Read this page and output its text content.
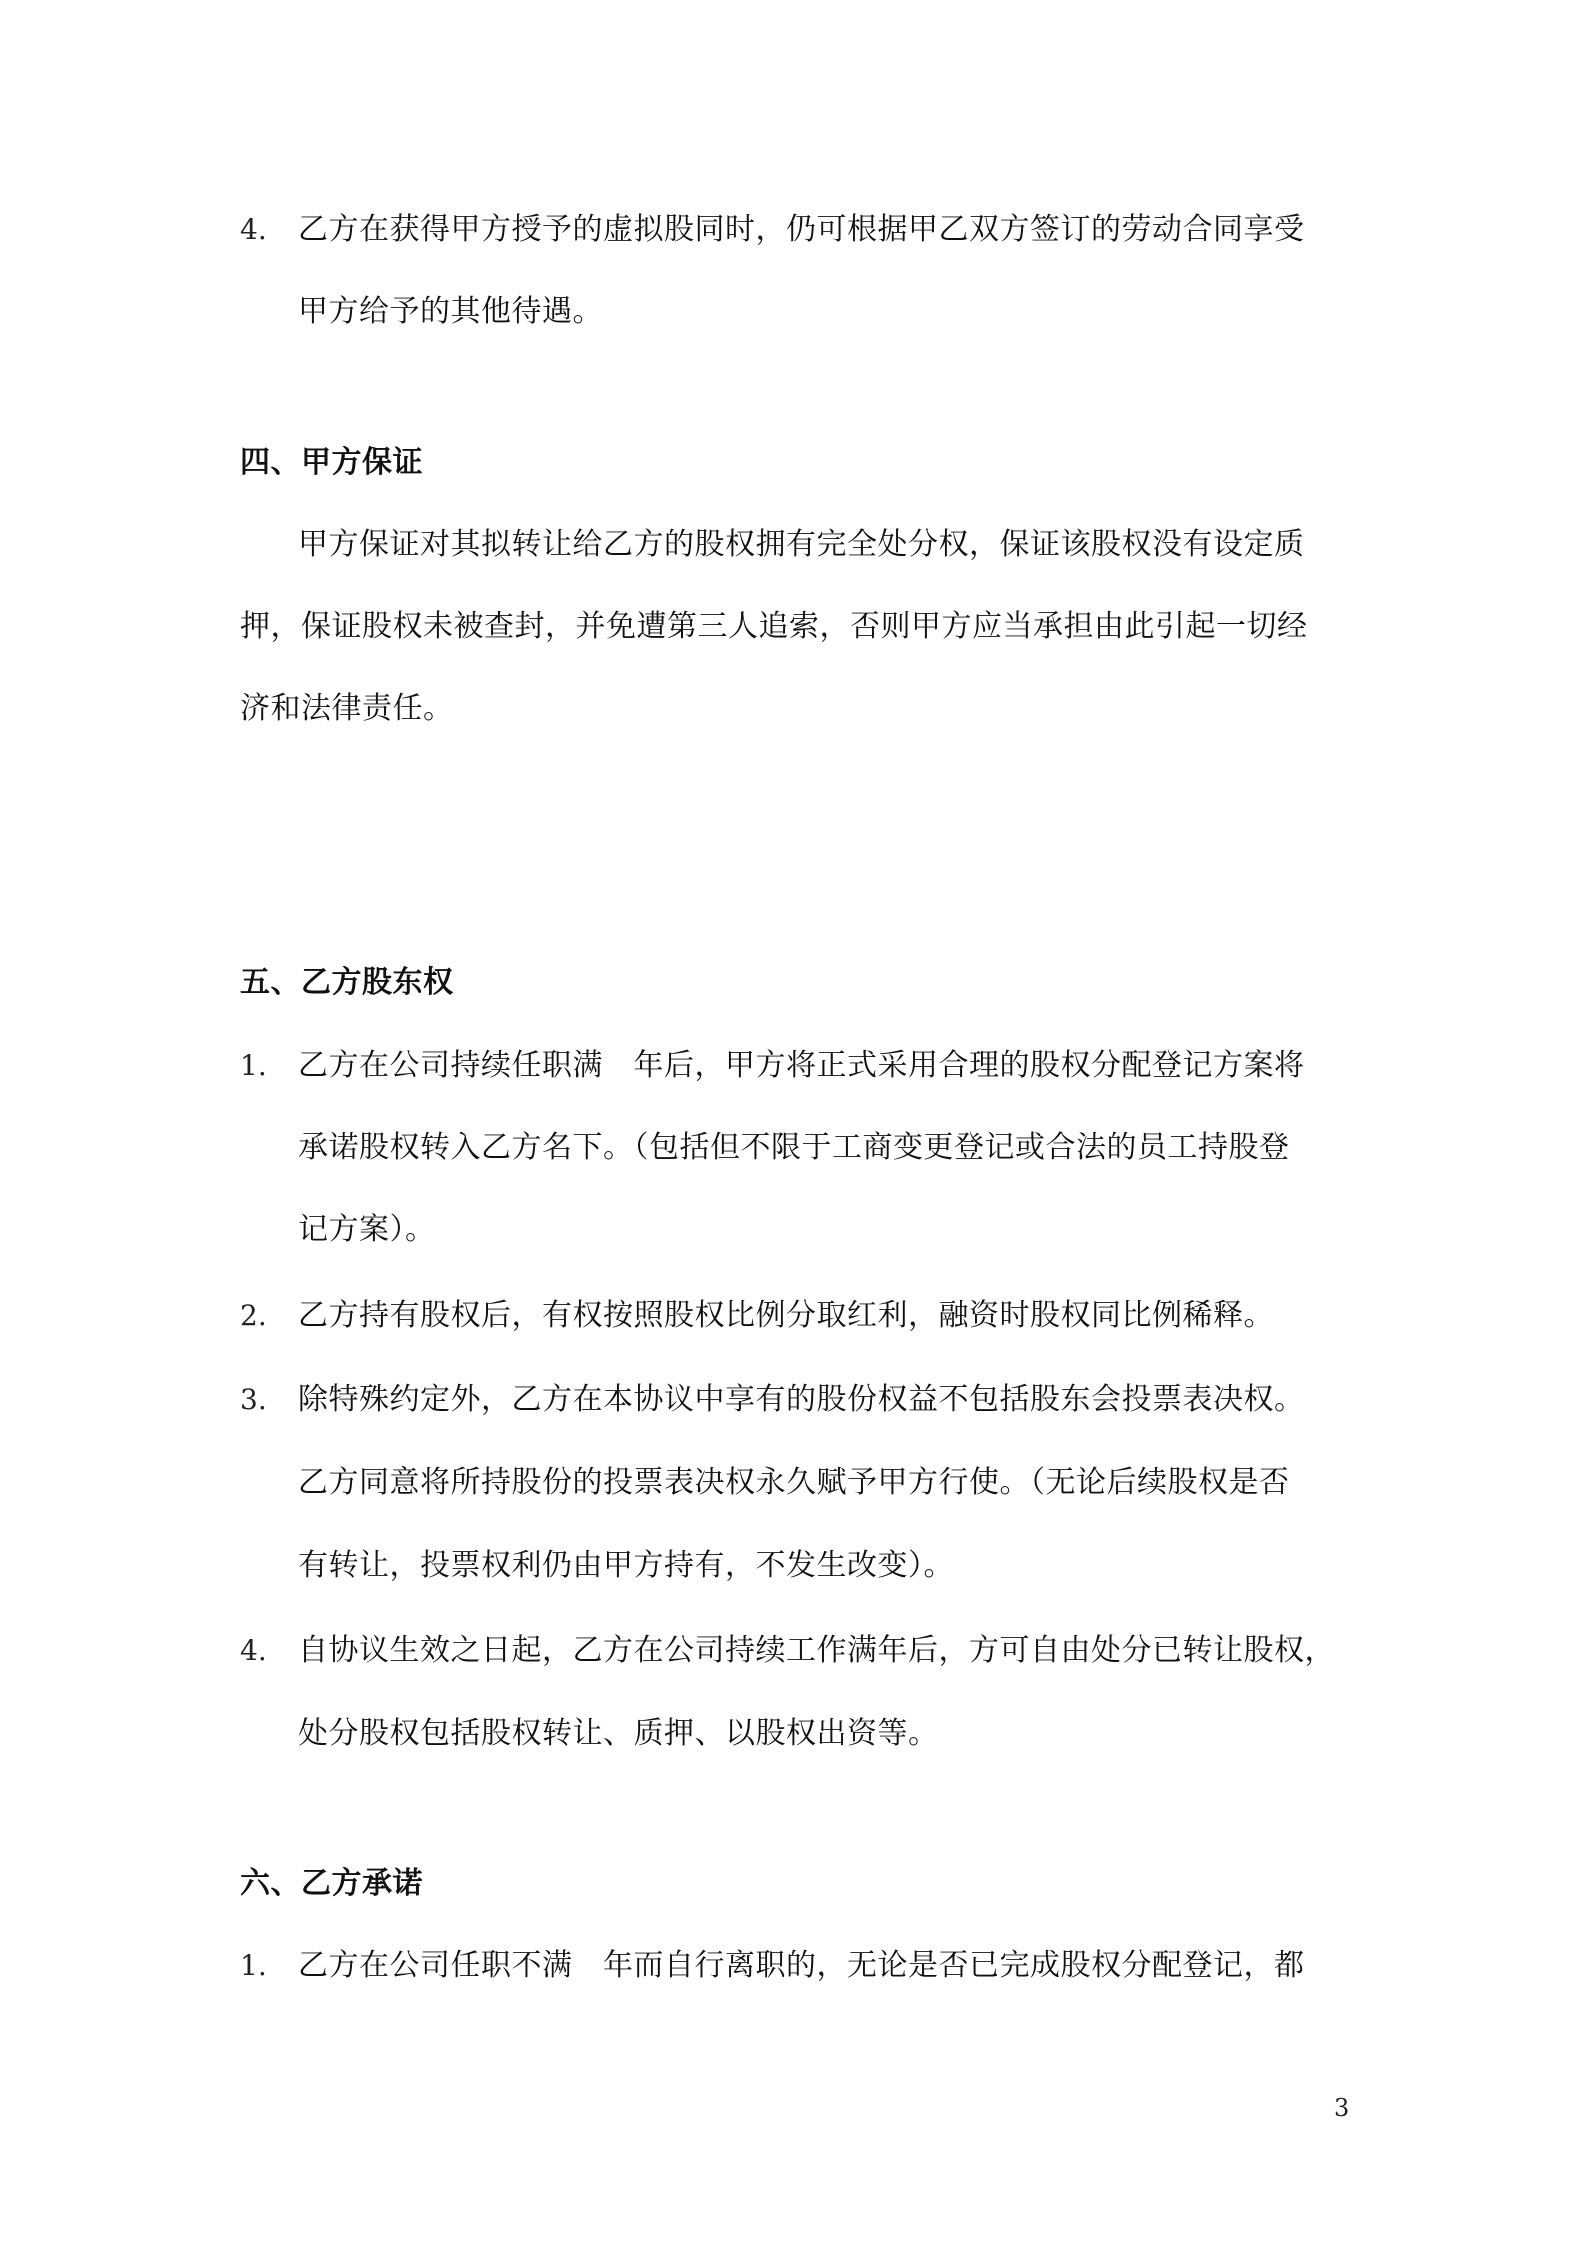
4. 乙方在获得甲方授予的虚拟股同时，仍可根据甲乙双方签订的劳动合同享受
甲方给予的其他待遇。
四、甲方保证
甲方保证对其拟转让给乙方的股权拥有完全处分权，保证该股权没有设定质
押，保证股权未被查封，并免遭第三人追索，否则甲方应当承担由此引起一切经
济和法律责任。
五、乙方股东权
1. 乙方在公司持续任职满　年后，甲方将正式采用合理的股权分配登记方案将
承诺股权转入乙方名下。（包括但不限于工商变更登记或合法的员工持股登
记方案）。
2. 乙方持有股权后，有权按照股权比例分取红利，融资时股权同比例稀释。
3. 除特殊约定外，乙方在本协议中享有的股份权益不包括股东会投票表决权。
乙方同意将所持股份的投票表决权永久赋予甲方行使。（无论后续股权是否
有转让，投票权利仍由甲方持有，不发生改变）。
4. 自协议生效之日起，乙方在公司持续工作满年后，方可自由处分已转让股权，
处分股权包括股权转让、质押、以股权出资等。
六、乙方承诺
1. 乙方在公司任职不满　年而自行离职的，无论是否已完成股权分配登记，都
3
